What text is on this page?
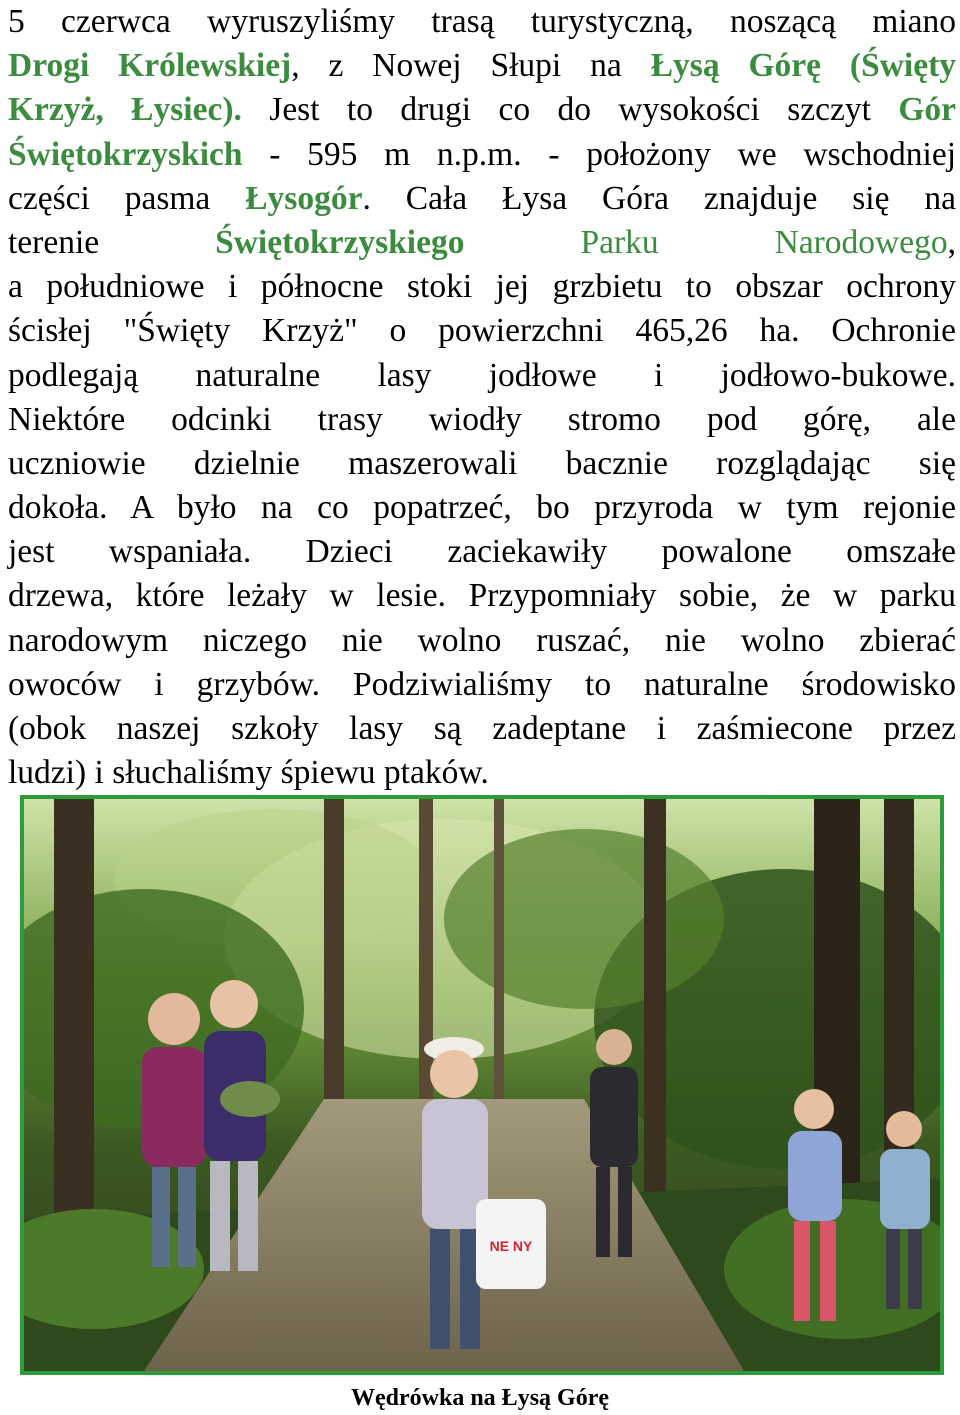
5 czerwca wyruszyliśmy trasą turystyczną, noszącą miano
Drogi Królewskiej, z Nowej Słupi na Łysą Górę (Święty
Krzyż, Łysiec). Jest to drugi co do wysokości szczyt Gór
Świętokrzyskich - 595 m n.p.m. - położony we wschodniej
części pasma Łysogór. Cała Łysa Góra znajduje się na
terenie Świętokrzyskiego Parku Narodowego,
a południowe i północne stoki jej grzbietu to obszar ochrony
ścisłej "Święty Krzyż" o powierzchni 465,26 ha. Ochronie
podlegają naturalne lasy jodłowe i jodłowo-bukowe.
Niektóre odcinki trasy wiodły stromo pod górę, ale
uczniowie dzielnie maszerowali bacznie rozglądając się
dokoła. A było na co popatrzeć, bo przyroda w tym rejonie
jest wspaniała. Dzieci zaciekawiły powalone omszałe
drzewa, które leżały w lesie. Przypomniały sobie, że w parku
narodowym niczego nie wolno ruszać, nie wolno zbierać
owoców i grzybów. Podziwialiśmy to naturalne środowisko
(obok naszej szkoły lasy są zadeptane i zaśmiecone przez
ludzi) i słuchaliśmy śpiewu ptaków.
NE NY
Wędrówka na Łysą Górę
